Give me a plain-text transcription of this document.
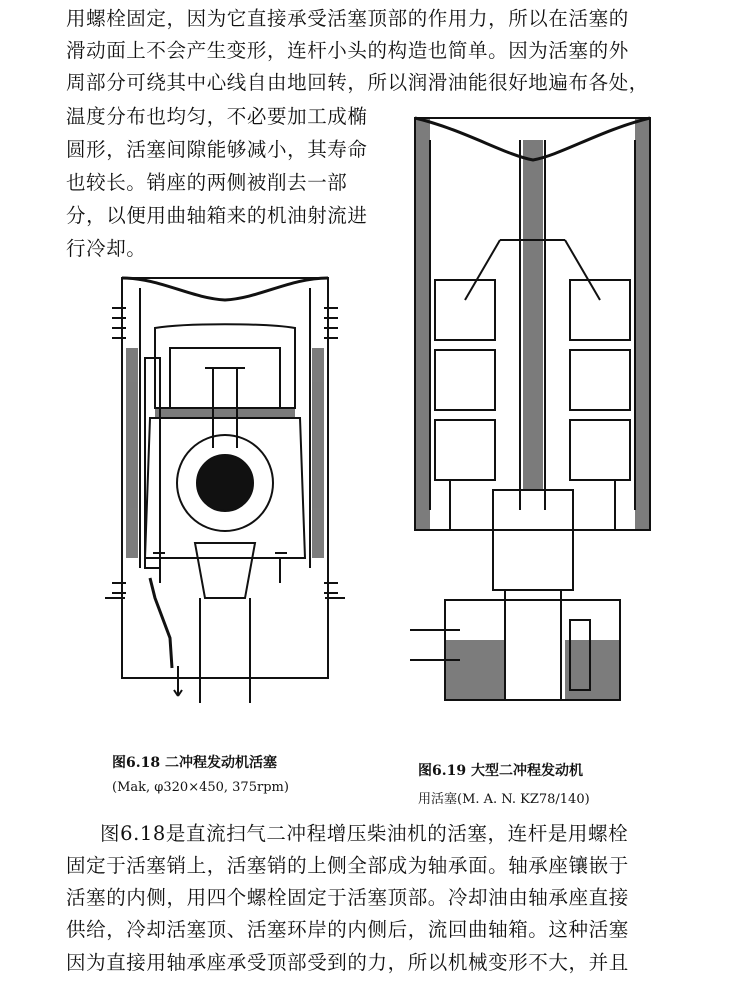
用螺栓固定，因为它直接承受活塞顶部的作用力，所以在活塞的
滑动面上不会产生变形，连杆小头的构造也简单。因为活塞的外
周部分可绕其中心线自由地回转，所以润滑油能很好地遍布各处，
温度分布也均匀，不必要加工成椭
圆形，活塞间隙能够减小，其寿命
也较长。销座的两侧被削去一部
分，以便用曲轴箱来的机油射流进
行冷却。
图6.18 二冲程发动机活塞
(Mak, φ320×450, 375rpm)
图6.19 大型二冲程发动机
用活塞(M. A. N. KZ78/140)
图6.18是直流扫气二冲程增压柴油机的活塞，连杆是用螺栓
固定于活塞销上，活塞销的上侧全部成为轴承面。轴承座镶嵌于
活塞的内侧，用四个螺栓固定于活塞顶部。冷却油由轴承座直接
供给，冷却活塞顶、活塞环岸的内侧后，流回曲轴箱。这种活塞
因为直接用轴承座承受顶部受到的力，所以机械变形不大，并且
